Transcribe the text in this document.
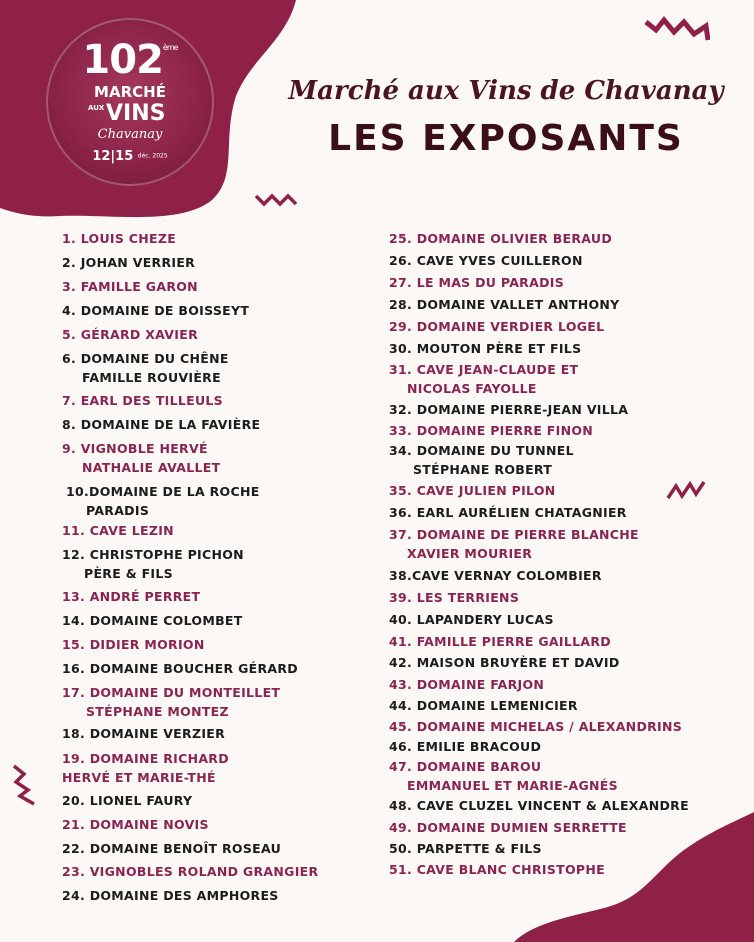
102ème
MARCHÉ
AUX VINS
Chavanay
12|15 déc. 2025
Marché aux Vins de Chavanay
LES EXPOSANTS
1. LOUIS CHEZE
2. JOHAN VERRIER
3. FAMILLE GARON
4. DOMAINE DE BOISSEYT
5. GÉRARD XAVIER
6. DOMAINE DU CHÊNE
FAMILLE ROUVIÈRE
7. EARL DES TILLEULS
8. DOMAINE DE LA FAVIÈRE
9. VIGNOBLE HERVÉ
NATHALIE AVALLET
10.DOMAINE DE LA ROCHE
PARADIS
11. CAVE LEZIN
12. CHRISTOPHE PICHON
PÈRE & FILS
13. ANDRÉ PERRET
14. DOMAINE COLOMBET
15. DIDIER MORION
16. DOMAINE BOUCHER GÉRARD
17. DOMAINE DU MONTEILLET
STÉPHANE MONTEZ
18. DOMAINE VERZIER
19. DOMAINE RICHARD
HERVÉ ET MARIE-THÉ
20. LIONEL FAURY
21. DOMAINE NOVIS
22. DOMAINE BENOÎT ROSEAU
23. VIGNOBLES ROLAND GRANGIER
24. DOMAINE DES AMPHORES
25. DOMAINE OLIVIER BERAUD
26. CAVE YVES CUILLERON
27. LE MAS DU PARADIS
28. DOMAINE VALLET ANTHONY
29. DOMAINE VERDIER LOGEL
30. MOUTON PÈRE ET FILS
31. CAVE JEAN-CLAUDE ET
NICOLAS FAYOLLE
32. DOMAINE PIERRE-JEAN VILLA
33. DOMAINE PIERRE FINON
34. DOMAINE DU TUNNEL
STÉPHANE ROBERT
35. CAVE JULIEN PILON
36. EARL AURÉLIEN CHATAGNIER
37. DOMAINE DE PIERRE BLANCHE
XAVIER MOURIER
38.CAVE VERNAY COLOMBIER
39. LES TERRIENS
40. LAPANDERY LUCAS
41. FAMILLE PIERRE GAILLARD
42. MAISON BRUYÈRE ET DAVID
43. DOMAINE FARJON
44. DOMAINE LEMENICIER
45. DOMAINE MICHELAS / ALEXANDRINS
46. EMILIE BRACOUD
47. DOMAINE BAROU
EMMANUEL ET MARIE-AGNÉS
48. CAVE CLUZEL VINCENT & ALEXANDRE
49. DOMAINE DUMIEN SERRETTE
50. PARPETTE & FILS
51. CAVE BLANC CHRISTOPHE
